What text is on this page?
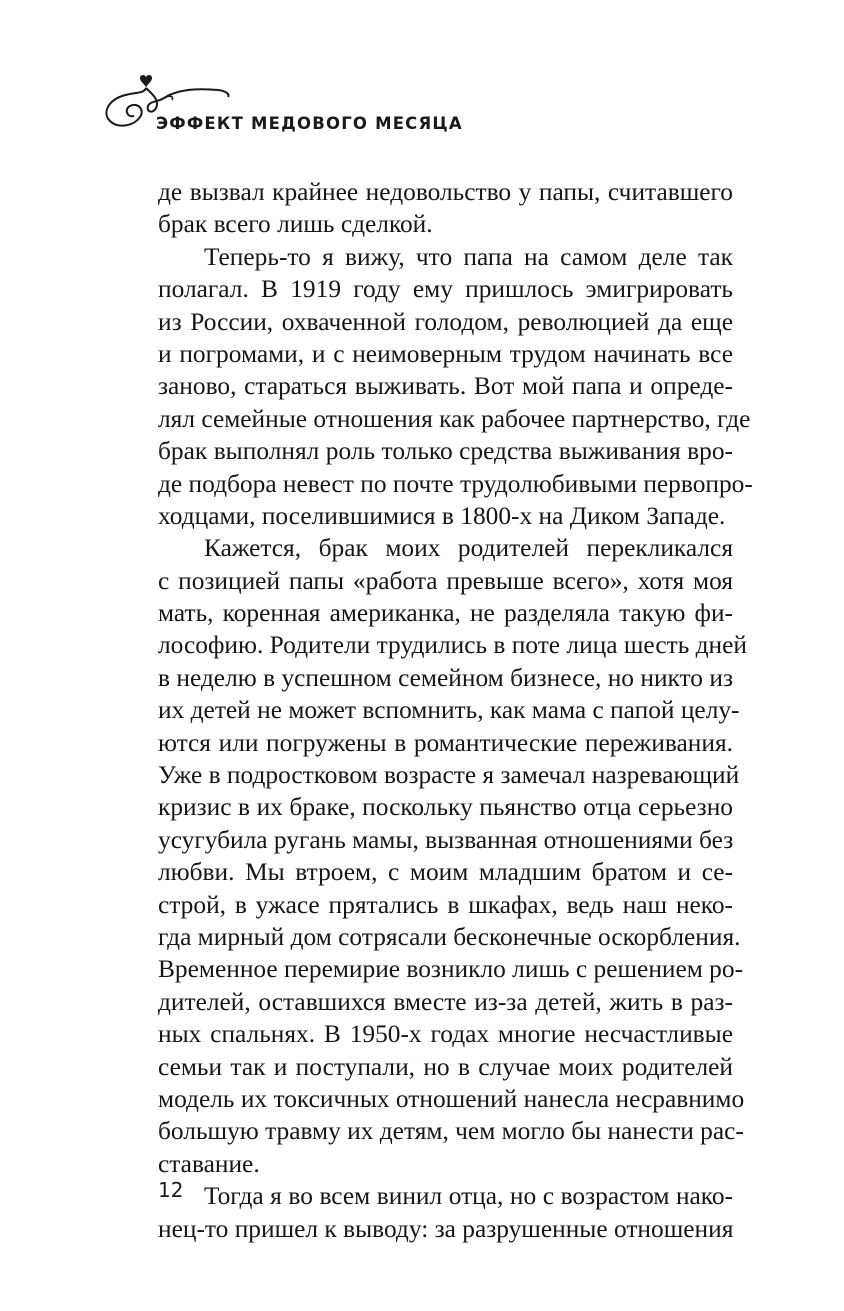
ЭФФЕКТ МЕДОВОГО МЕСЯЦА
де вызвал крайнее недовольство у папы, считавшего
брак всего лишь сделкой.
Теперь-то я вижу, что папа на самом деле так
полагал. В 1919 году ему пришлось эмигрировать
из России, охваченной голодом, революцией да еще
и погромами, и с неимоверным трудом начинать все
заново, стараться выживать. Вот мой папа и опреде-
лял семейные отношения как рабочее партнерство, где
брак выполнял роль только средства выживания вро-
де подбора невест по почте трудолюбивыми первопро-
ходцами, поселившимися в 1800-х на Диком Западе.
Кажется, брак моих родителей перекликался
с позицией папы «работа превыше всего», хотя моя
мать, коренная американка, не разделяла такую фи-
лософию. Родители трудились в поте лица шесть дней
в неделю в успешном семейном бизнесе, но никто из
их детей не может вспомнить, как мама с папой целу-
ются или погружены в романтические переживания.
Уже в подростковом возрасте я замечал назревающий
кризис в их браке, поскольку пьянство отца серьезно
усугубила ругань мамы, вызванная отношениями без
любви. Мы втроем, с моим младшим братом и се-
строй, в ужасе прятались в шкафах, ведь наш неко-
гда мирный дом сотрясали бесконечные оскорбления.
Временное перемирие возникло лишь с решением ро-
дителей, оставшихся вместе из-за детей, жить в раз-
ных спальнях. В 1950-х годах многие несчастливые
семьи так и поступали, но в случае моих родителей
модель их токсичных отношений нанесла несравнимо
большую травму их детям, чем могло бы нанести рас-
ставание.
Тогда я во всем винил отца, но с возрастом нако-
нец-то пришел к выводу: за разрушенные отношения
12
